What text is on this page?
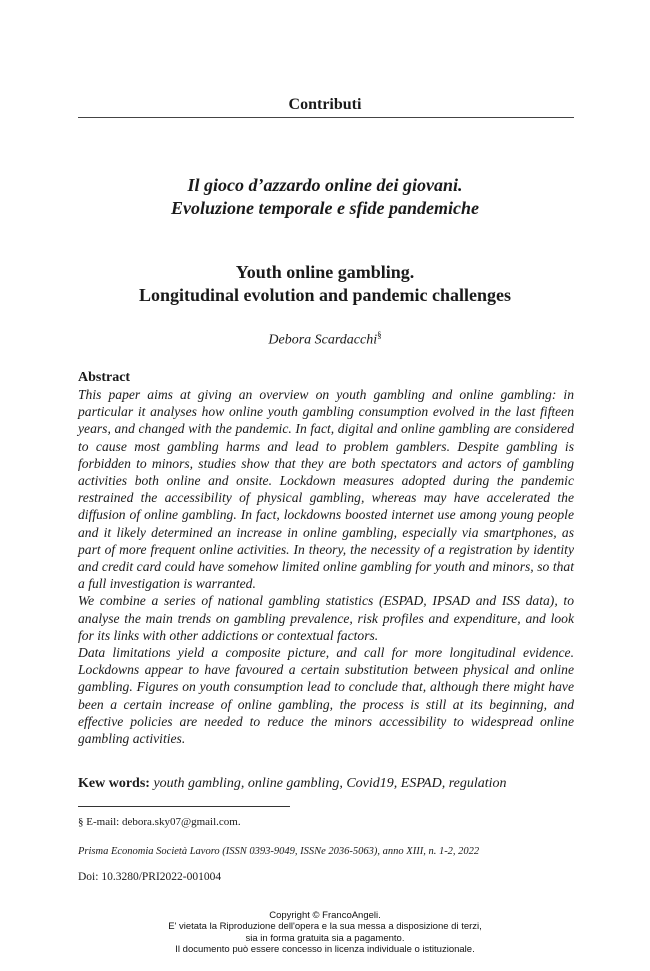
Contributi
Il gioco d’azzardo online dei giovani.
Evoluzione temporale e sfide pandemiche
Youth online gambling.
Longitudinal evolution and pandemic challenges
Debora Scardacchi§

Abstract

This paper aims at giving an overview on youth gambling and online gambling: in particular it analyses how online youth gambling consumption evolved in the last fifteen years, and changed with the pandemic. In fact, digital and online gambling are considered to cause most gambling harms and lead to problem gamblers. Despite gambling is forbidden to minors, studies show that they are both spectators and actors of gambling activities both online and onsite. Lockdown measures adopted during the pandemic restrained the accessibility of physical gambling, whereas may have accelerated the diffusion of online gambling. In fact, lockdowns boosted internet use among young people and it likely determined an increase in online gambling, especially via smartphones, as part of more frequent online activities. In theory, the necessity of a registration by identity and credit card could have somehow limited online gambling for youth and minors, so that a full investigation is warranted.

We combine a series of national gambling statistics (ESPAD, IPSAD and ISS data), to analyse the main trends on gambling prevalence, risk profiles and expenditure, and look for its links with other addictions or contextual factors.

Data limitations yield a composite picture, and call for more longitudinal evidence. Lockdowns appear to have favoured a certain substitution between physical and online gambling. Figures on youth consumption lead to conclude that, although there might have been a certain increase of online gambling, the process is still at its beginning, and effective policies are needed to reduce the minors accessibility to widespread online gambling activities.

Kew words: youth gambling, online gambling, Covid19, ESPAD, regulation
§ E-mail: debora.sky07@gmail.com.
Prisma Economia Società Lavoro (ISSN 0393-9049, ISSNe 2036-5063), anno XIII, n. 1-2, 2022
Doi: 10.3280/PRI2022-001004
Copyright © FrancoAngeli.
E' vietata la Riproduzione dell'opera e la sua messa a disposizione di terzi,
sia in forma gratuita sia a pagamento.
Il documento può essere concesso in licenza individuale o istituzionale.
